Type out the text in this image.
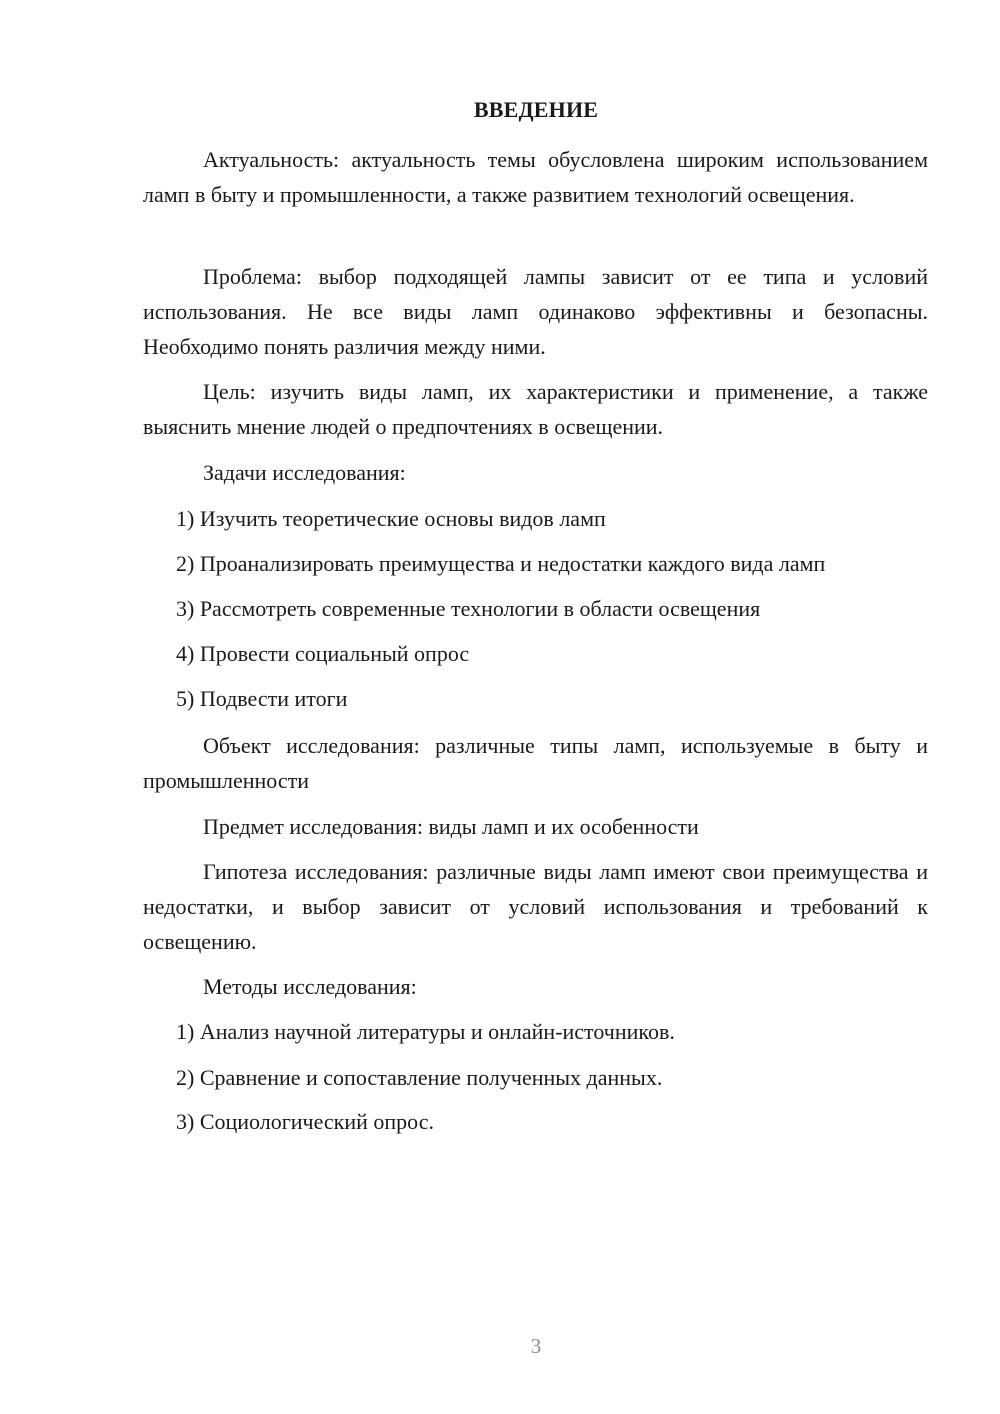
ВВЕДЕНИЕ

Актуальность: актуальность темы обусловлена широким использованием ламп в быту и промышленности, а также развитием технологий освещения.

Проблема: выбор подходящей лампы зависит от ее типа и условий использования. Не все виды ламп одинаково эффективны и безопасны. Необходимо понять различия между ними.

Цель: изучить виды ламп, их характеристики и применение, а также выяснить мнение людей о предпочтениях в освещении.

Задачи исследования:

1) Изучить теоретические основы видов ламп

2) Проанализировать преимущества и недостатки каждого вида ламп

3) Рассмотреть современные технологии в области освещения

4) Провести социальный опрос

5) Подвести итоги

Объект исследования: различные типы ламп, используемые в быту и промышленности

Предмет исследования: виды ламп и их особенности

Гипотеза исследования: различные виды ламп имеют свои преимущества и недостатки, и выбор зависит от условий использования и требований к освещению.

Методы исследования:

1) Анализ научной литературы и онлайн-источников.

2) Сравнение и сопоставление полученных данных.

3) Социологический опрос.

3
